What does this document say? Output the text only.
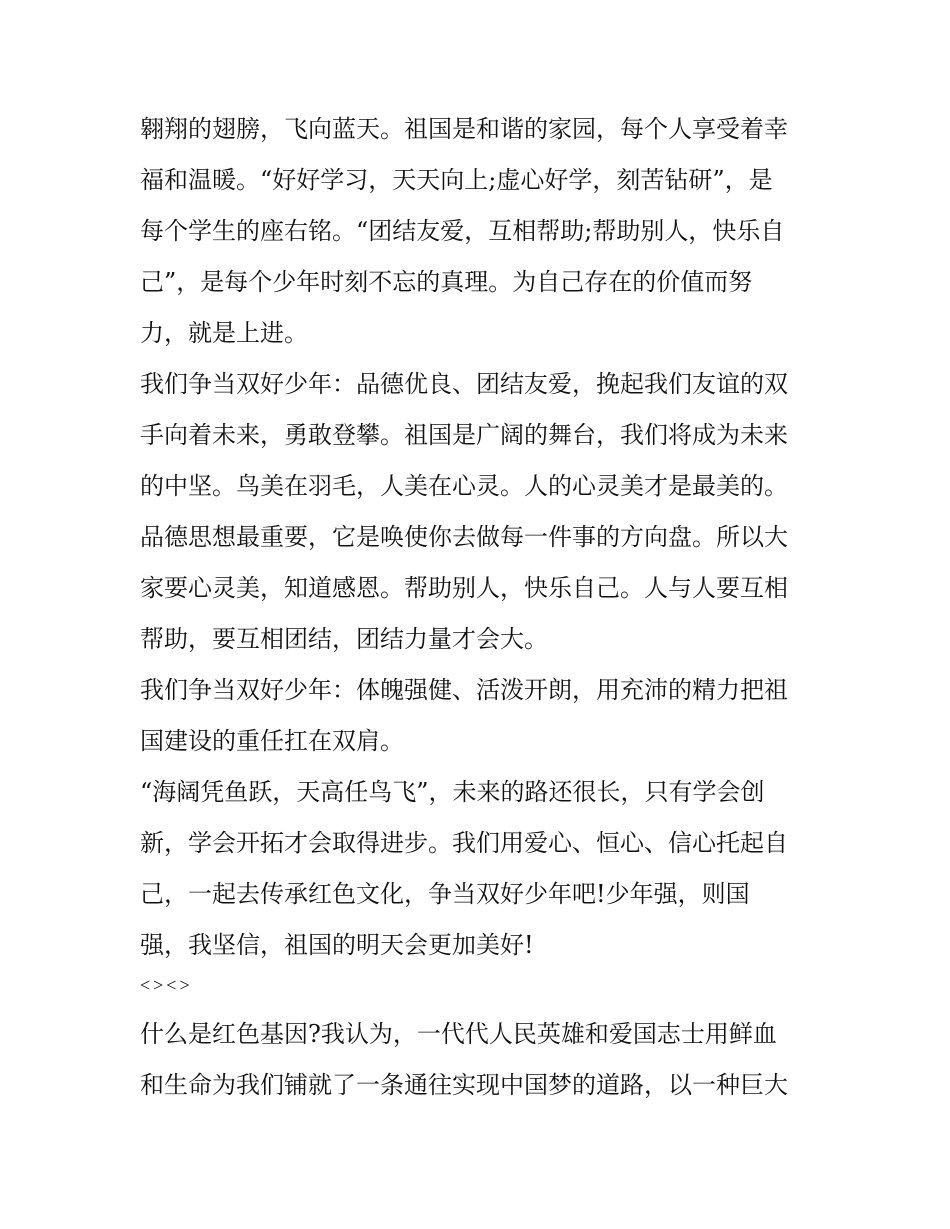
翱翔的翅膀，飞向蓝天。祖国是和谐的家园，每个人享受着幸
福和温暖。“好好学习，天天向上;虚心好学，刻苦钻研”，是
每个学生的座右铭。“团结友爱，互相帮助;帮助别人，快乐自
己”，是每个少年时刻不忘的真理。为自己存在的价值而努
力，就是上进。
我们争当双好少年：品德优良、团结友爱，挽起我们友谊的双
手向着未来，勇敢登攀。祖国是广阔的舞台，我们将成为未来
的中坚。鸟美在羽毛，人美在心灵。人的心灵美才是最美的。
品德思想最重要，它是唤使你去做每一件事的方向盘。所以大
家要心灵美，知道感恩。帮助别人，快乐自己。人与人要互相
帮助，要互相团结，团结力量才会大。
我们争当双好少年：体魄强健、活泼开朗，用充沛的精力把祖
国建设的重任扛在双肩。
“海阔凭鱼跃，天高任鸟飞”，未来的路还很长，只有学会创
新，学会开拓才会取得进步。我们用爱心、恒心、信心托起自
己，一起去传承红色文化，争当双好少年吧!少年强，则国
强，我坚信，祖国的明天会更加美好!
<><>
什么是红色基因?我认为，一代代人民英雄和爱国志士用鲜血
和生命为我们铺就了一条通往实现中国梦的道路，以一种巨大
